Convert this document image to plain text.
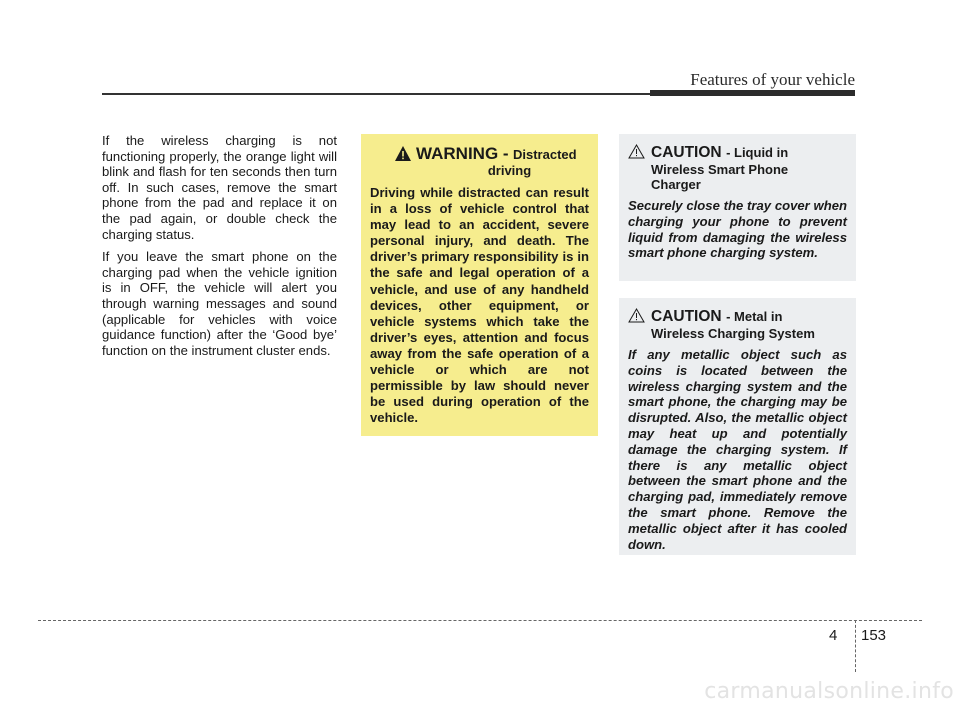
Features of your vehicle

If the wireless charging is not functioning properly, the orange light will blink and flash for ten seconds then turn off. In such cases, remove the smart phone from the pad and replace it on the pad again, or double check the charging status.

If you leave the smart phone on the charging pad when the vehicle ignition is in OFF, the vehicle will alert you through warning messages and sound (applicable for vehicles with voice guidance function) after the ‘Good bye’ function on the instrument cluster ends.

WARNING - Distracted
driving
Driving while distracted can result in a loss of vehicle control that may lead to an accident, severe personal injury, and death. The driver’s primary responsibility is in the safe and legal operation of a vehicle, and use of any handheld devices, other equipment, or vehicle systems which take the driver’s eyes, attention and focus away from the safe operation of a vehicle or which are not permissible by law should never be used during operation of the vehicle.
CAUTION - Liquid in
Wireless Smart Phone
Charger
Securely close the tray cover when charging your phone to prevent liquid from damaging the wireless smart phone charging system.
CAUTION - Metal in
Wireless Charging System
If any metallic object such as coins is located between the wireless charging system and the smart phone, the charging may be disrupted. Also, the metallic object may heat up and potentially damage the charging system. If there is any metallic object between the smart phone and the charging pad, immediately remove the smart phone. Remove the metallic object after it has cooled down.
4 153
carmanualsonline.info
